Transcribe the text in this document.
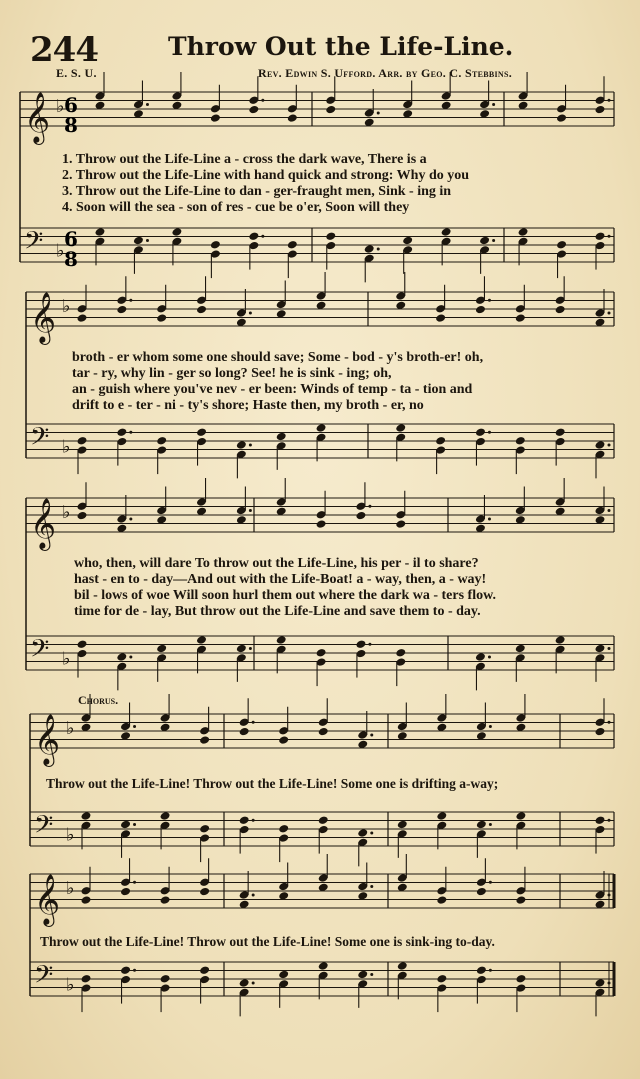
244	Throw Out the Life-Line.
E. S. U.	Rev. Edwin S. Ufford. Arr. by Geo. C. Stebbins.
𝄞 ♭
𝄢 ♭
𝄞 ♭
𝄢 ♭
𝄞 ♭
𝄢 ♭
𝄞 ♭
𝄢 ♭
𝄞 ♭
𝄢 ♭
6
8
6
8
1. Throw out the Life-Line a - cross the dark wave, There is a
2. Throw out the Life-Line with hand quick and strong: Why do you
3. Throw out the Life-Line to dan - ger-fraught men, Sink - ing in
4. Soon will the sea - son of res - cue be o'er, Soon will they
broth - er whom some one should save; Some - bod - y's broth-er! oh,
tar - ry, why lin - ger so long? See! he is sink - ing; oh,
an - guish where you've nev - er been: Winds of temp - ta - tion and
drift to e - ter - ni - ty's shore; Haste then, my broth - er, no
who, then, will dare To throw out the Life-Line, his per - il to share?
hast - en to - day—And out with the Life-Boat! a - way, then, a - way!
bil - lows of woe Will soon hurl them out where the dark wa - ters flow.
time for de - lay, But throw out the Life-Line and save them to - day.
Chorus.
Throw out the Life-Line! Throw out the Life-Line! Some one is drifting a-way;
Throw out the Life-Line! Throw out the Life-Line! Some one is sink-ing to-day.
